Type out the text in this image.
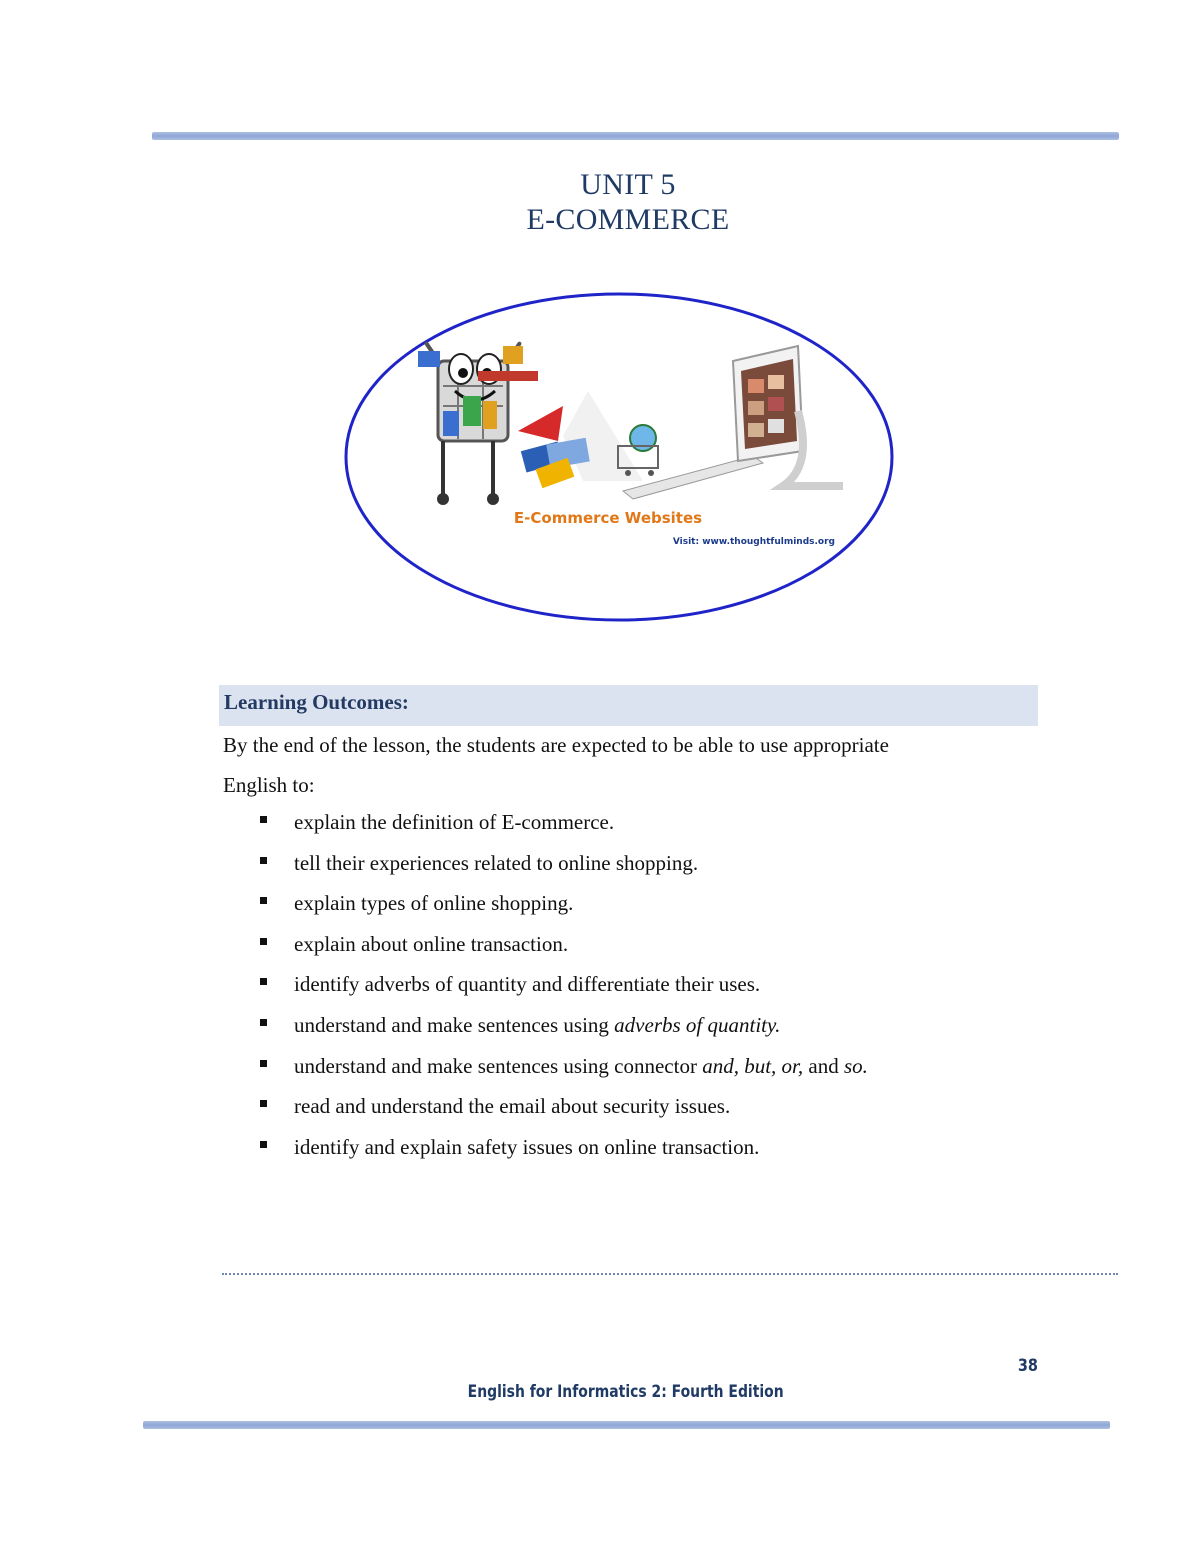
UNIT 5
E-COMMERCE
E-Commerce Websites
Visit: www.thoughtfulminds.org
Learning Outcomes:
By the end of the lesson, the students are expected to be able to use appropriate
English to:
explain the definition of E-commerce.
tell their experiences related to online shopping.
explain types of online shopping.
explain about online transaction.
identify adverbs of quantity and differentiate their uses.
understand and make sentences using adverbs of quantity.
understand and make sentences using connector and, but, or, and so.
read and understand the email about security issues.
identify and explain safety issues on online transaction.
38
English for Informatics 2: Fourth Edition
